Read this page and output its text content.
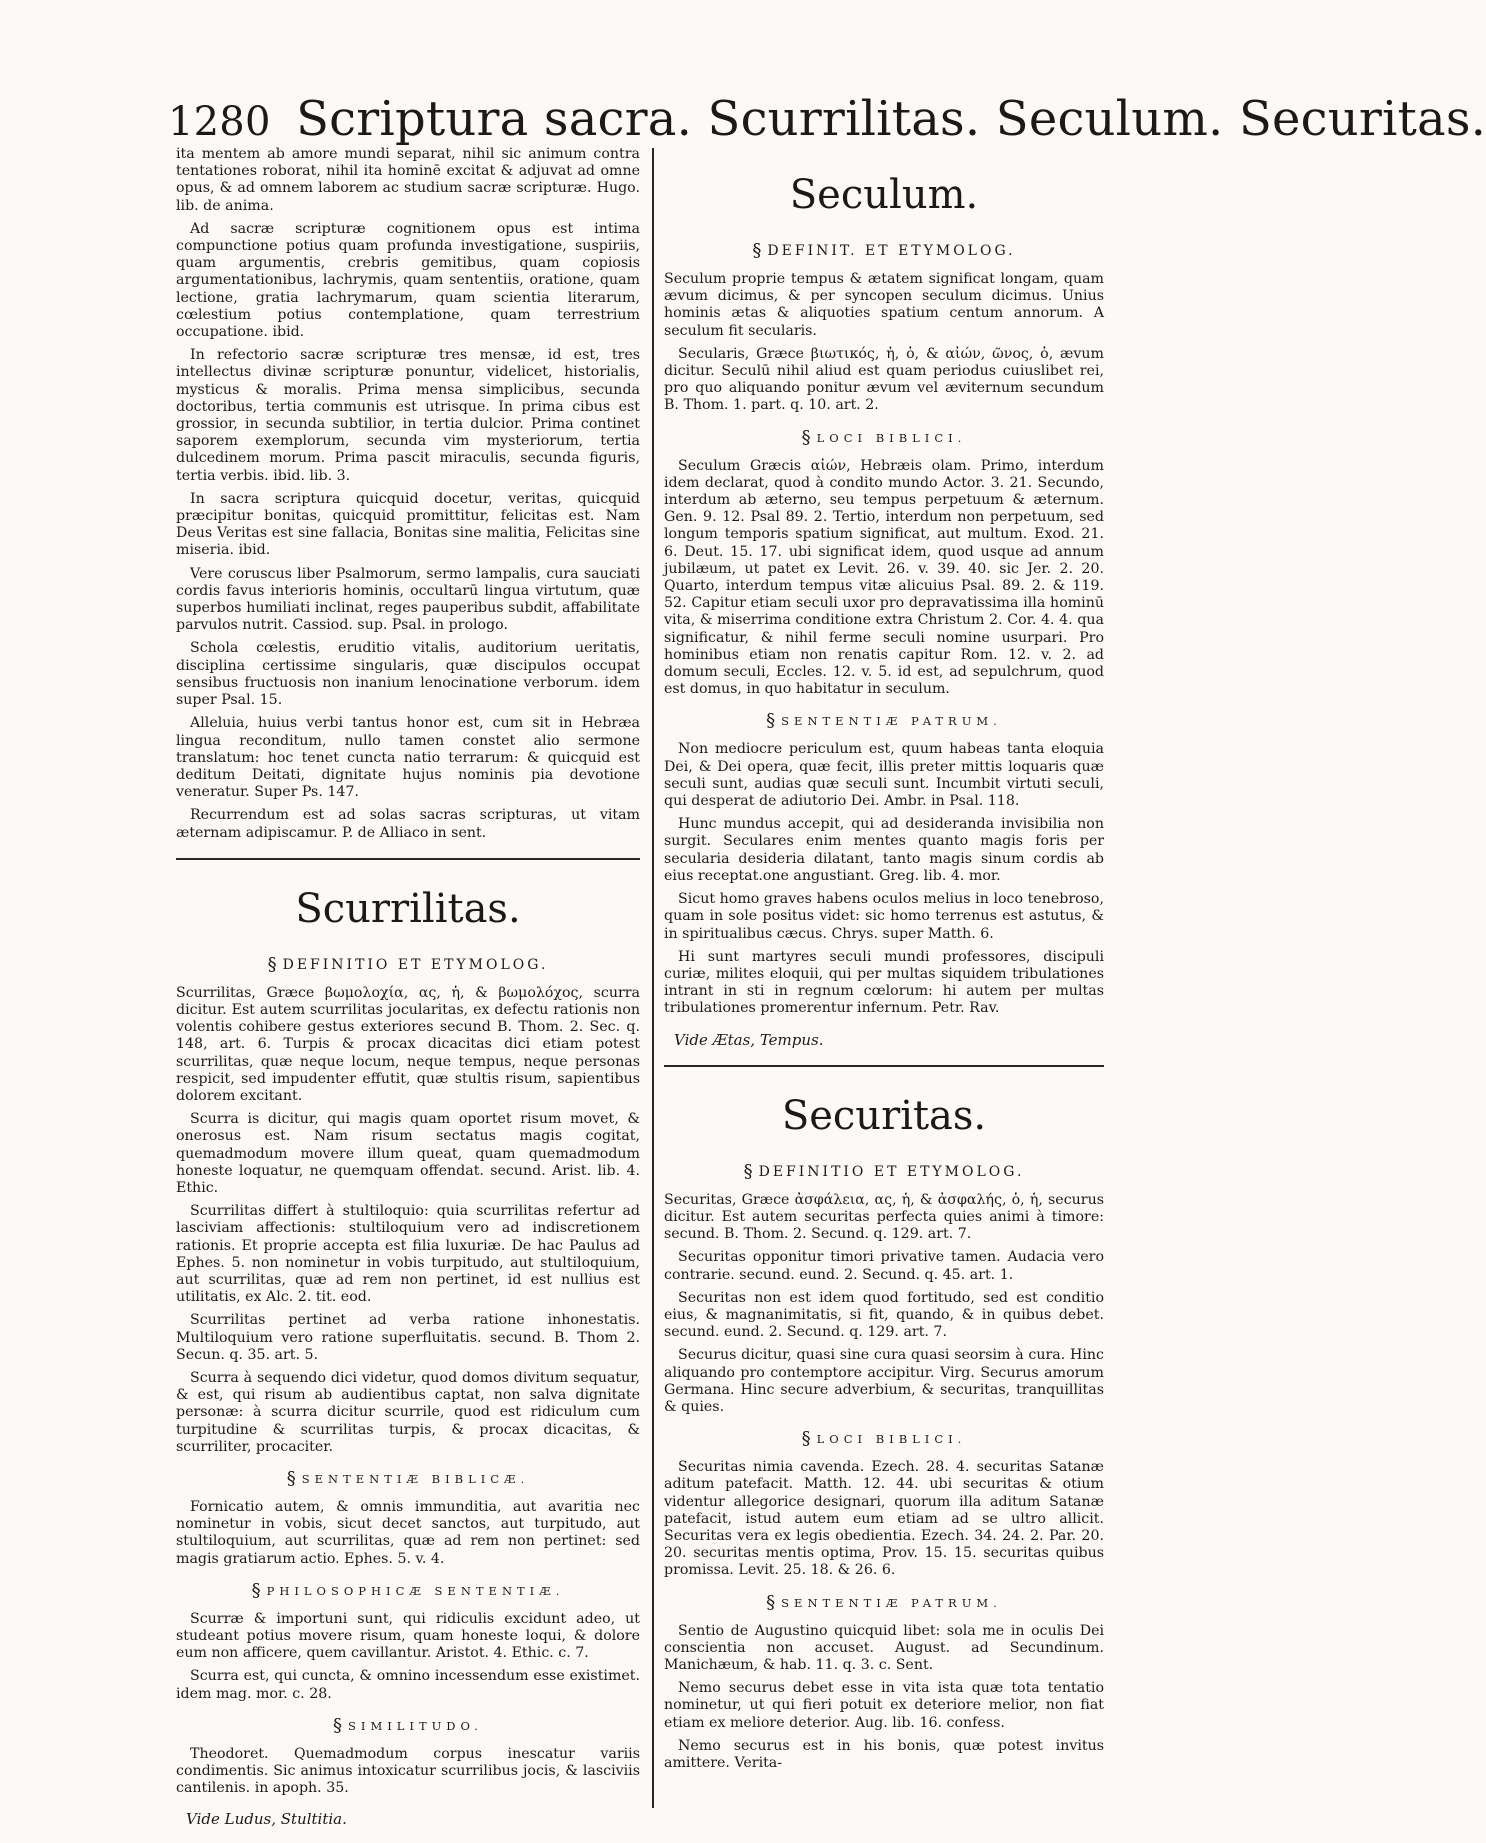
1280 Scriptura sacra. Scurrilitas. Seculum. Securitas.

ita mentem ab amore mundi separat, nihil sic animum contra tentationes roborat, nihil ita hominē excitat & adjuvat ad omne opus, & ad omnem laborem ac studium sacræ scripturæ. Hugo. lib. de anima.

Ad sacræ scripturæ cognitionem opus est intima compunctione potius quam profunda investigatione, suspiriis, quam argumentis, crebris gemitibus, quam copiosis argumentationibus, lachrymis, quam sententiis, oratione, quam lectione, gratia lachrymarum, quam scientia literarum, cœlestium potius contemplatione, quam terrestrium occupatione. ibid.

In refectorio sacræ scripturæ tres mensæ, id est, tres intellectus divinæ scripturæ ponuntur, videlicet, historialis, mysticus & moralis. Prima mensa simplicibus, secunda doctoribus, tertia communis est utrisque. In prima cibus est grossior, in secunda subtilior, in tertia dulcior. Prima continet saporem exemplorum, secunda vim mysteriorum, tertia dulcedinem morum. Prima pascit miraculis, secunda figuris, tertia verbis. ibid. lib. 3.

In sacra scriptura quicquid docetur, veritas, quicquid præcipitur bonitas, quicquid promittitur, felicitas est. Nam Deus Veritas est sine fallacia, Bonitas sine malitia, Felicitas sine miseria. ibid.

Vere coruscus liber Psalmorum, sermo lampalis, cura sauciati cordis favus interioris hominis, occultarū lingua virtutum, quæ superbos humiliati inclinat, reges pauperibus subdit, affabilitate parvulos nutrit. Cassiod. sup. Psal. in prologo.

Schola cœlestis, eruditio vitalis, auditorium ueritatis, disciplina certissime singularis, quæ discipulos occupat sensibus fructuosis non inanium lenocinatione verborum. idem super Psal. 15.

Alleluia, huius verbi tantus honor est, cum sit in Hebræa lingua reconditum, nullo tamen constet alio sermone translatum: hoc tenet cuncta natio terrarum: & quicquid est deditum Deitati, dignitate hujus nominis pia devotione veneratur. Super Ps. 147.

Recurrendum est ad solas sacras scripturas, ut vitam æternam adipiscamur. P. de Alliaco in sent.

Scurrilitas.
§ DEFINITIO ET ETYMOLOG.

Scurrilitas, Græce βωμολοχία, ας, ἡ, & βωμολόχος, scurra dicitur. Est autem scurrilitas jocularitas, ex defectu rationis non volentis cohibere gestus exteriores secund B. Thom. 2. Sec. q. 148, art. 6. Turpis & procax dicacitas dici etiam potest scurrilitas, quæ neque locum, neque tempus, neque personas respicit, sed impudenter effutit, quæ stultis risum, sapientibus dolorem excitant.

Scurra is dicitur, qui magis quam oportet risum movet, & onerosus est. Nam risum sectatus magis cogitat, quemadmodum movere illum queat, quam quemadmodum honeste loquatur, ne quemquam offendat. secund. Arist. lib. 4. Ethic.

Scurrilitas differt à stultiloquio: quia scurrilitas refertur ad lasciviam affectionis: stultiloquium vero ad indiscretionem rationis. Et proprie accepta est filia luxuriæ. De hac Paulus ad Ephes. 5. non nominetur in vobis turpitudo, aut stultiloquium, aut scurrilitas, quæ ad rem non pertinet, id est nullius est utilitatis, ex Alc. 2. tit. eod.

Scurrilitas pertinet ad verba ratione inhonestatis. Multiloquium vero ratione superfluitatis. secund. B. Thom 2. Secun. q. 35. art. 5.

Scurra à sequendo dici videtur, quod domos divitum sequatur, & est, qui risum ab audientibus captat, non salva dignitate personæ: à scurra dicitur scurrile, quod est ridiculum cum turpitudine & scurrilitas turpis, & procax dicacitas, & scurriliter, procaciter.

§ SENTENTIÆ BIBLICÆ.

Fornicatio autem, & omnis immunditia, aut avaritia nec nominetur in vobis, sicut decet sanctos, aut turpitudo, aut stultiloquium, aut scurrilitas, quæ ad rem non pertinet: sed magis gratiarum actio. Ephes. 5. v. 4.

§ PHILOSOPHICÆ SENTENTIÆ.

Scurræ & importuni sunt, qui ridiculis excidunt adeo, ut studeant potius movere risum, quam honeste loqui, & dolore eum non afficere, quem cavillantur. Aristot. 4. Ethic. c. 7.

Scurra est, qui cuncta, & omnino incessendum esse existimet. idem mag. mor. c. 28.

§ SIMILITUDO.

Theodoret. Quemadmodum corpus inescatur variis condimentis. Sic animus intoxicatur scurrilibus jocis, & lasciviis cantilenis. in apoph. 35.

Vide Ludus, Stultitia.

Seculum.
§ DEFINIT. ET ETYMOLOG.

Seculum proprie tempus & ætatem significat longam, quam ævum dicimus, & per syncopen seculum dicimus. Unius hominis ætas & aliquoties spatium centum annorum. A seculum fit secularis.

Secularis, Græce βιωτικός, ἡ, ὁ, & αἰών, ῶνος, ὁ, ævum dicitur. Seculū nihil aliud est quam periodus cuiuslibet rei, pro quo aliquando ponitur ævum vel æviternum secundum B. Thom. 1. part. q. 10. art. 2.

§ LOCI BIBLICI.

Seculum Græcis αἰών, Hebræis olam. Primo, interdum idem declarat, quod à condito mundo Actor. 3. 21. Secundo, interdum ab æterno, seu tempus perpetuum & æternum. Gen. 9. 12. Psal 89. 2. Tertio, interdum non perpetuum, sed longum temporis spatium significat, aut multum. Exod. 21. 6. Deut. 15. 17. ubi significat idem, quod usque ad annum jubilæum, ut patet ex Levit. 26. v. 39. 40. sic Jer. 2. 20. Quarto, interdum tempus vitæ alicuius Psal. 89. 2. & 119. 52. Capitur etiam seculi uxor pro depravatissima illa hominū vita, & miserrima conditione extra Christum 2. Cor. 4. 4. qua significatur, & nihil ferme seculi nomine usurpari. Pro hominibus etiam non renatis capitur Rom. 12. v. 2. ad domum seculi, Eccles. 12. v. 5. id est, ad sepulchrum, quod est domus, in quo habitatur in seculum.

§ SENTENTIÆ PATRUM.

Non mediocre periculum est, quum habeas tanta eloquia Dei, & Dei opera, quæ fecit, illis preter mittis loquaris quæ seculi sunt, audias quæ seculi sunt. Incumbit virtuti seculi, qui desperat de adiutorio Dei. Ambr. in Psal. 118.

Hunc mundus accepit, qui ad desideranda invisibilia non surgit. Seculares enim mentes quanto magis foris per secularia desideria dilatant, tanto magis sinum cordis ab eius receptat.one angustiant. Greg. lib. 4. mor.

Sicut homo graves habens oculos melius in loco tenebroso, quam in sole positus videt: sic homo terrenus est astutus, & in spiritualibus cæcus. Chrys. super Matth. 6.

Hi sunt martyres seculi mundi professores, discipuli curiæ, milites eloquii, qui per multas siquidem tribulationes intrant in sti in regnum cœlorum: hi autem per multas tribulationes promerentur infernum. Petr. Rav.

Vide Ætas, Tempus.

Securitas.
§ DEFINITIO ET ETYMOLOG.

Securitas, Græce ἀσφάλεια, ας, ἡ, & ἀσφαλής, ὁ, ἡ, securus dicitur. Est autem securitas perfecta quies animi à timore: secund. B. Thom. 2. Secund. q. 129. art. 7.

Securitas opponitur timori privative tamen. Audacia vero contrarie. secund. eund. 2. Secund. q. 45. art. 1.

Securitas non est idem quod fortitudo, sed est conditio eius, & magnanimitatis, si fit, quando, & in quibus debet. secund. eund. 2. Secund. q. 129. art. 7.

Securus dicitur, quasi sine cura quasi seorsim à cura. Hinc aliquando pro contemptore accipitur. Virg. Securus amorum Germana. Hinc secure adverbium, & securitas, tranquillitas & quies.

§ LOCI BIBLICI.

Securitas nimia cavenda. Ezech. 28. 4. securitas Satanæ aditum patefacit. Matth. 12. 44. ubi securitas & otium videntur allegorice designari, quorum illa aditum Satanæ patefacit, istud autem eum etiam ad se ultro allicit. Securitas vera ex legis obedientia. Ezech. 34. 24. 2. Par. 20. 20. securitas mentis optima, Prov. 15. 15. securitas quibus promissa. Levit. 25. 18. & 26. 6.

§ SENTENTIÆ PATRUM.

Sentio de Augustino quicquid libet: sola me in oculis Dei conscientia non accuset. August. ad Secundinum. Manichæum, & hab. 11. q. 3. c. Sent.

Nemo securus debet esse in vita ista quæ tota tentatio nominetur, ut qui fieri potuit ex deteriore melior, non fiat etiam ex meliore deterior. Aug. lib. 16. confess.

Nemo securus est in his bonis, quæ potest invitus amittere. Verita-
